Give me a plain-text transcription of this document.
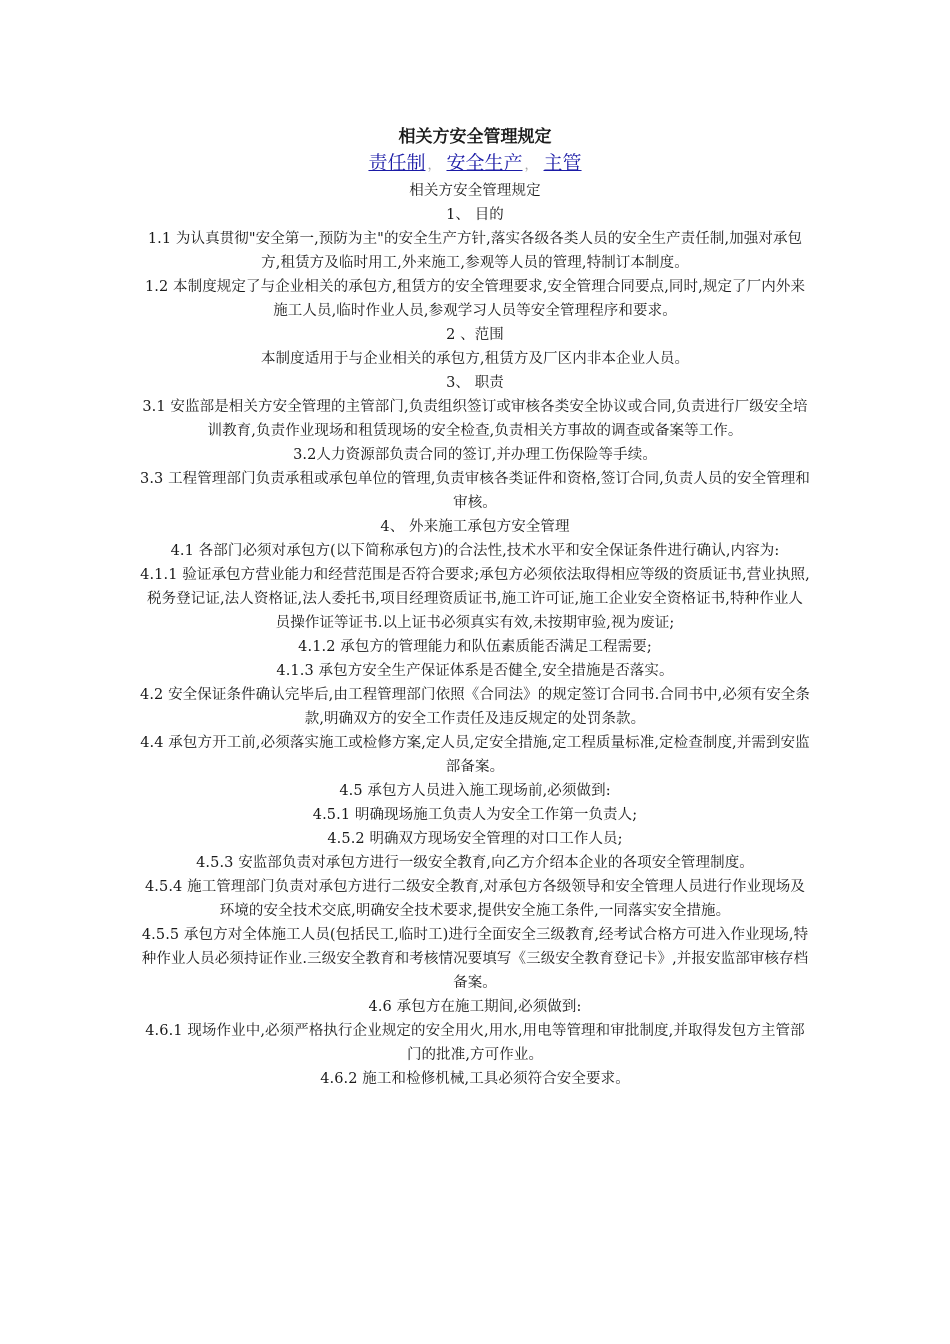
相关方安全管理规定
责任制 ， 安全生产 ， 主管

相关方安全管理规定

1、 目的

1.1 为认真贯彻"安全第一,预防为主"的安全生产方针,落实各级各类人员的安全生产责任制,加强对承包方,租赁方及临时用工,外来施工,参观等人员的管理,特制订本制度。

1.2 本制度规定了与企业相关的承包方,租赁方的安全管理要求,安全管理合同要点,同时,规定了厂内外来施工人员,临时作业人员,参观学习人员等安全管理程序和要求。

2 、范围

本制度适用于与企业相关的承包方,租赁方及厂区内非本企业人员。

3、 职责

3.1 安监部是相关方安全管理的主管部门,负责组织签订或审核各类安全协议或合同,负责进行厂级安全培训教育,负责作业现场和租赁现场的安全检查,负责相关方事故的调查或备案等工作。

3.2人力资源部负责合同的签订,并办理工伤保险等手续。

3.3 工程管理部门负责承租或承包单位的管理,负责审核各类证件和资格,签订合同,负责人员的安全管理和审核。

4、 外来施工承包方安全管理

4.1 各部门必须对承包方(以下简称承包方)的合法性,技术水平和安全保证条件进行确认,内容为:

4.1.1 验证承包方营业能力和经营范围是否符合要求;承包方必须依法取得相应等级的资质证书,营业执照,税务登记证,法人资格证,法人委托书,项目经理资质证书,施工许可证,施工企业安全资格证书,特种作业人员操作证等证书.以上证书必须真实有效,未按期审验,视为废证;

4.1.2 承包方的管理能力和队伍素质能否满足工程需要;

4.1.3 承包方安全生产保证体系是否健全,安全措施是否落实。

4.2 安全保证条件确认完毕后,由工程管理部门依照《合同法》的规定签订合同书.合同书中,必须有安全条款,明确双方的安全工作责任及违反规定的处罚条款。

4.4 承包方开工前,必须落实施工或检修方案,定人员,定安全措施,定工程质量标准,定检查制度,并需到安监部备案。

4.5 承包方人员进入施工现场前,必须做到:

4.5.1 明确现场施工负责人为安全工作第一负责人;

4.5.2 明确双方现场安全管理的对口工作人员;

4.5.3 安监部负责对承包方进行一级安全教育,向乙方介绍本企业的各项安全管理制度。

4.5.4 施工管理部门负责对承包方进行二级安全教育,对承包方各级领导和安全管理人员进行作业现场及环境的安全技术交底,明确安全技术要求,提供安全施工条件,一同落实安全措施。

4.5.5 承包方对全体施工人员(包括民工,临时工)进行全面安全三级教育,经考试合格方可进入作业现场,特种作业人员必须持证作业.三级安全教育和考核情况要填写《三级安全教育登记卡》,并报安监部审核存档备案。

4.6 承包方在施工期间,必须做到:

4.6.1 现场作业中,必须严格执行企业规定的安全用火,用水,用电等管理和审批制度,并取得发包方主管部门的批准,方可作业。

4.6.2 施工和检修机械,工具必须符合安全要求。
